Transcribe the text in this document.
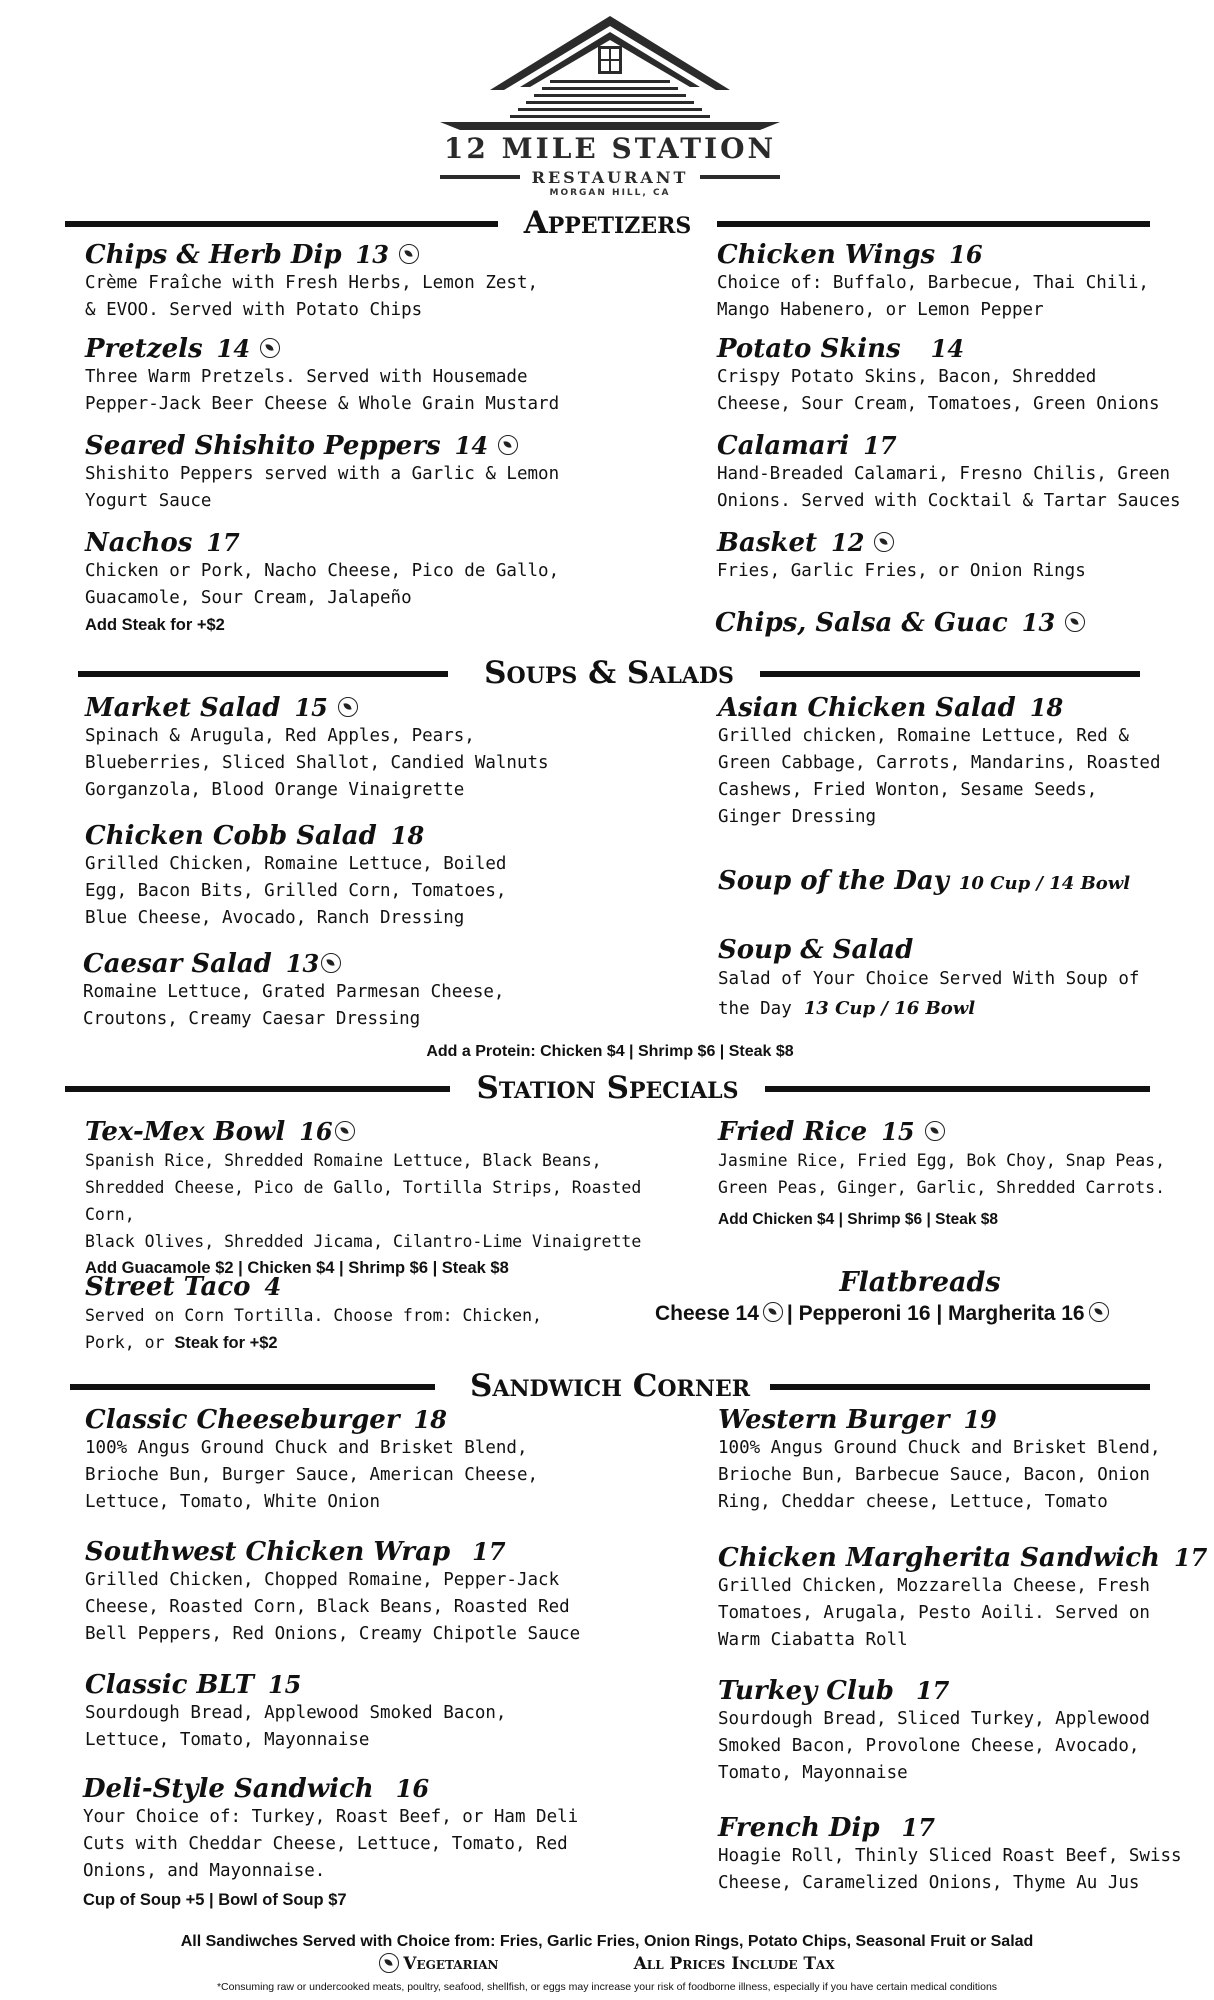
12 MILE STATION
RESTAURANT
MORGAN HILL, CA
Appetizers
Chips & Herb Dip 13
Crème Fraîche with Fresh Herbs, Lemon Zest,
& EVOO. Served with Potato Chips
Pretzels 14
Three Warm Pretzels. Served with Housemade
Pepper-Jack Beer Cheese & Whole Grain Mustard
Seared Shishito Peppers 14
Shishito Peppers served with a Garlic & Lemon
Yogurt Sauce
Nachos 17
Chicken or Pork, Nacho Cheese, Pico de Gallo,
Guacamole, Sour Cream, Jalapeño
Add Steak for +$2
Chicken Wings 16
Choice of: Buffalo, Barbecue, Thai Chili,
Mango Habenero, or Lemon Pepper
Potato Skins 14
Crispy Potato Skins, Bacon, Shredded
Cheese, Sour Cream, Tomatoes, Green Onions
Calamari 17
Hand-Breaded Calamari, Fresno Chilis, Green
Onions. Served with Cocktail & Tartar Sauces
Basket 12
Fries, Garlic Fries, or Onion Rings
Chips, Salsa & Guac 13
Soups & Salads
Market Salad 15
Spinach & Arugula, Red Apples, Pears,
Blueberries, Sliced Shallot, Candied Walnuts
Gorganzola, Blood Orange Vinaigrette
Chicken Cobb Salad 18
Grilled Chicken, Romaine Lettuce, Boiled
Egg, Bacon Bits, Grilled Corn, Tomatoes,
Blue Cheese, Avocado, Ranch Dressing
Caesar Salad 13
Romaine Lettuce, Grated Parmesan Cheese,
Croutons, Creamy Caesar Dressing
Asian Chicken Salad 18
Grilled chicken, Romaine Lettuce, Red &
Green Cabbage, Carrots, Mandarins, Roasted
Cashews, Fried Wonton, Sesame Seeds,
Ginger Dressing
Soup of the Day 10 Cup / 14 Bowl
Soup & Salad
Salad of Your Choice Served With Soup of
the Day 13 Cup / 16 Bowl
Add a Protein: Chicken $4 | Shrimp $6 | Steak $8
Station Specials
Tex-Mex Bowl 16
Spanish Rice, Shredded Romaine Lettuce, Black Beans,
Shredded Cheese, Pico de Gallo, Tortilla Strips, Roasted Corn,
Black Olives, Shredded Jicama, Cilantro-Lime Vinaigrette
Add Guacamole $2 | Chicken $4 | Shrimp $6 | Steak $8
Street Taco 4
Served on Corn Tortilla. Choose from: Chicken,
Pork, or Steak for +$2
Fried Rice 15
Jasmine Rice, Fried Egg, Bok Choy, Snap Peas,
Green Peas, Ginger, Garlic, Shredded Carrots.
Add Chicken $4 | Shrimp $6 | Steak $8
Flatbreads
Cheese 14 | Pepperoni 16 | Margherita 16
Sandwich Corner
Classic Cheeseburger 18
100% Angus Ground Chuck and Brisket Blend,
Brioche Bun, Burger Sauce, American Cheese,
Lettuce, Tomato, White Onion
Southwest Chicken Wrap 17
Grilled Chicken, Chopped Romaine, Pepper-Jack
Cheese, Roasted Corn, Black Beans, Roasted Red
Bell Peppers, Red Onions, Creamy Chipotle Sauce
Classic BLT 15
Sourdough Bread, Applewood Smoked Bacon,
Lettuce, Tomato, Mayonnaise
Deli-Style Sandwich 16
Your Choice of: Turkey, Roast Beef, or Ham Deli
Cuts with Cheddar Cheese, Lettuce, Tomato, Red
Onions, and Mayonnaise.
Cup of Soup +5 | Bowl of Soup $7
Western Burger 19
100% Angus Ground Chuck and Brisket Blend,
Brioche Bun, Barbecue Sauce, Bacon, Onion
Ring, Cheddar cheese, Lettuce, Tomato
Chicken Margherita Sandwich 17
Grilled Chicken, Mozzarella Cheese, Fresh
Tomatoes, Arugala, Pesto Aoili. Served on
Warm Ciabatta Roll
Turkey Club 17
Sourdough Bread, Sliced Turkey, Applewood
Smoked Bacon, Provolone Cheese, Avocado,
Tomato, Mayonnaise
French Dip 17
Hoagie Roll, Thinly Sliced Roast Beef, Swiss
Cheese, Caramelized Onions, Thyme Au Jus
All Sandiwches Served with Choice from: Fries, Garlic Fries, Onion Rings, Potato Chips, Seasonal Fruit or Salad
Vegetarian	All Prices Include Tax
*Consuming raw or undercooked meats, poultry, seafood, shellfish, or eggs may increase your risk of foodborne illness, especially if you have certain medical conditions
